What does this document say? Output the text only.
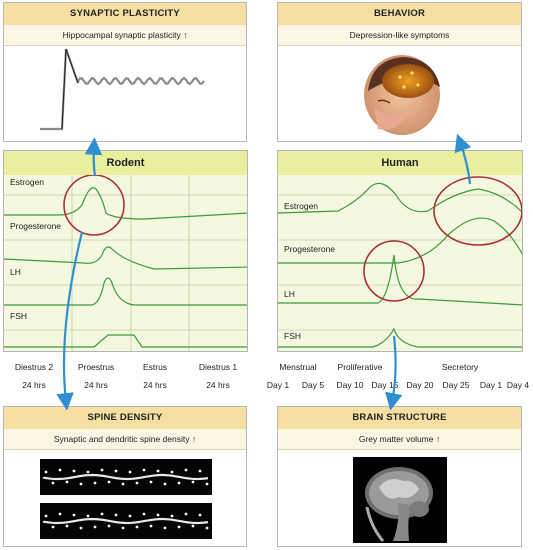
SYNAPTIC PLASTICITY
Hippocampal synaptic plasticity ↑
BEHAVIOR
Depression-like symptoms
Rodent
Estrogen
Progesterone
LH
FSH
Diestrus 2	Proestrus	Estrus	Diestrus 1
24 hrs	24 hrs	24 hrs	24 hrs
Human
Estrogen
Progesterone
LH
FSH
Menstrual Proliferative	Secretory
Day 1 Day 5 Day 10 Day 15 Day 20 Day 25 Day 1 Day 4
SPINE DENSITY
Synaptic and dendritic spine density ↑
BRAIN STRUCTURE
Grey matter volume ↑
